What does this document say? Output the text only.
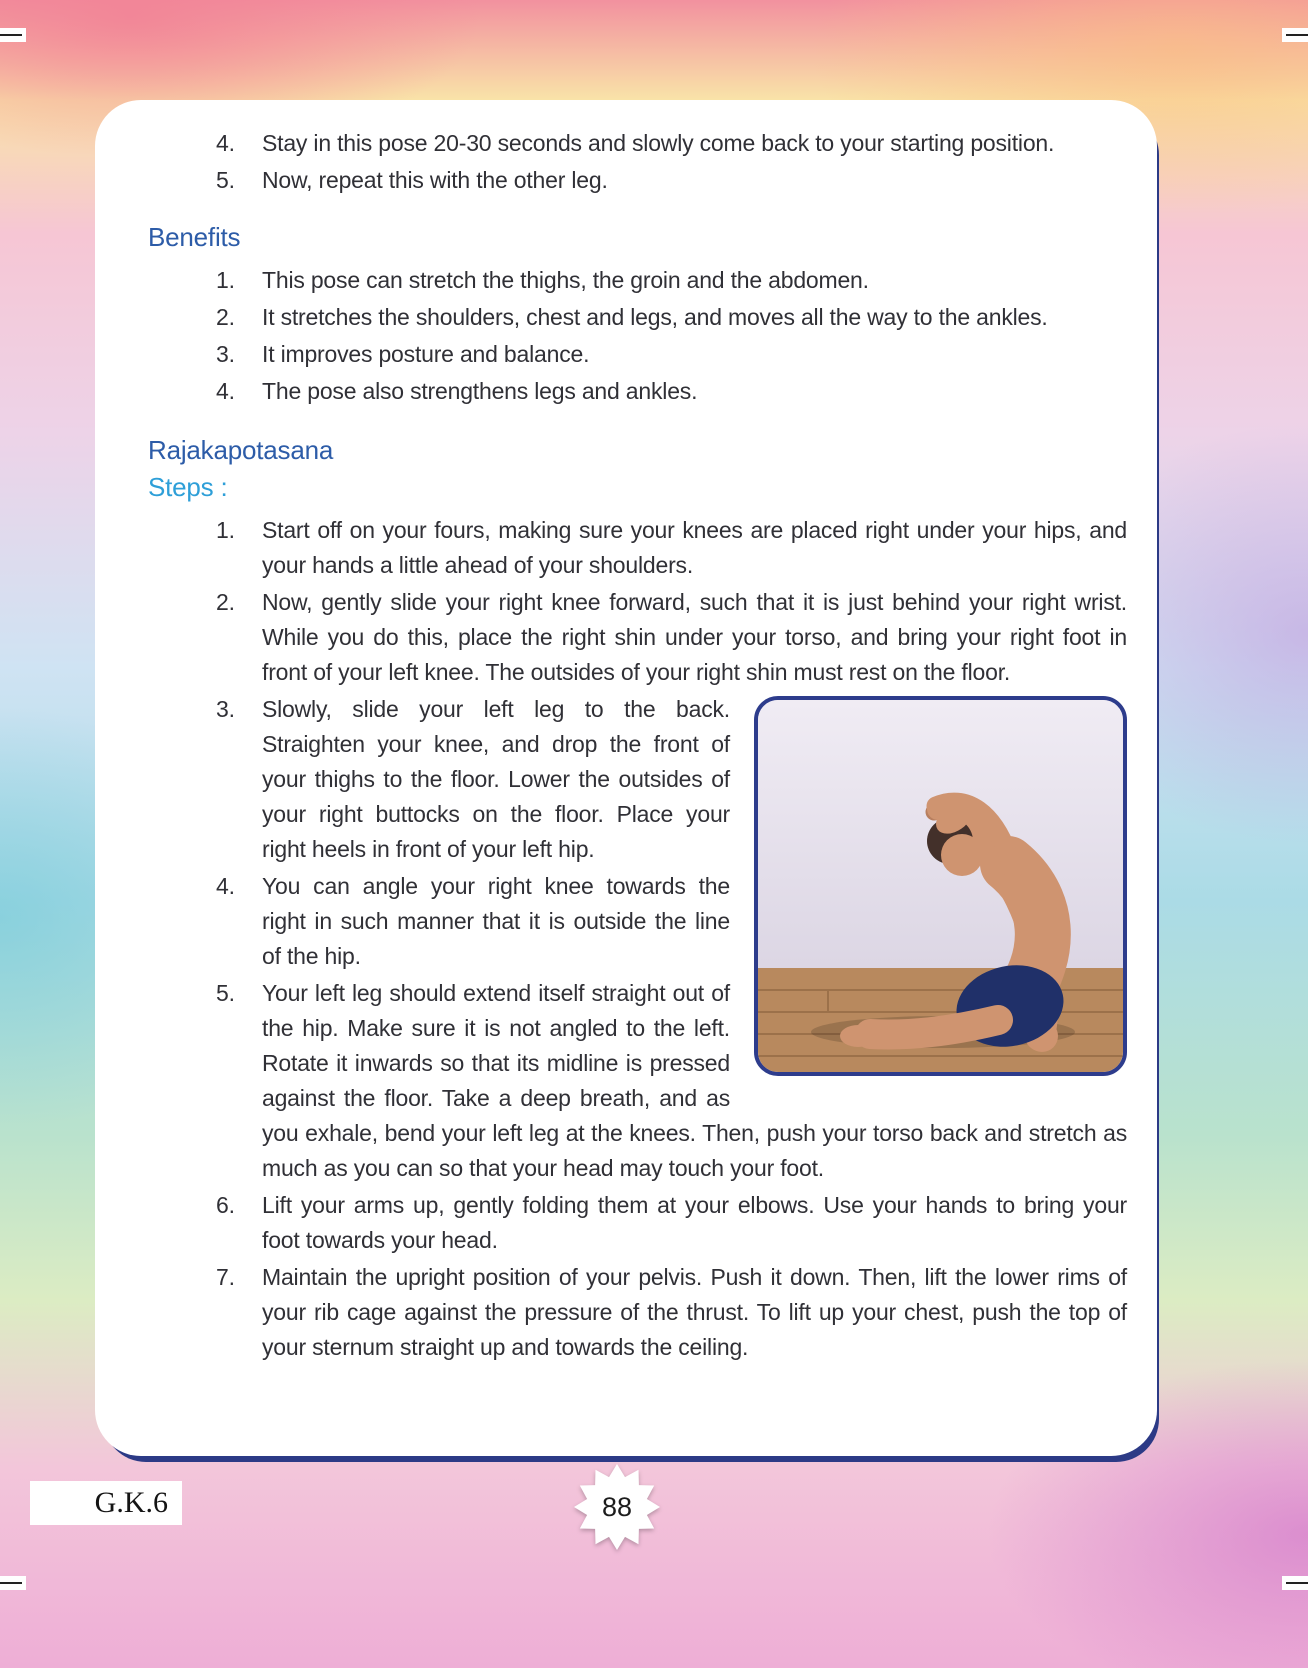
4.	Stay in this pose 20-30 seconds and slowly come back to your starting position.
5.	Now, repeat this with the other leg.
Benefits
1.	This pose can stretch the thighs, the groin and the abdomen.
2.	It stretches the shoulders, chest and legs, and moves all the way to the ankles.
3.	It improves posture and balance.
4.	The pose also strengthens legs and ankles.
Rajakapotasana
Steps :
1.	Start off on your fours, making sure your knees are placed right under your hips, and your hands a little ahead of your shoulders.
2.	Now, gently slide your right knee forward, such that it is just behind your right wrist. While you do this, place the right shin under your torso, and bring your right foot in front of your left knee. The outsides of your right shin must rest on the floor.
3.	Slowly, slide your left leg to the back. Straighten your knee, and drop the front of your thighs to the floor. Lower the outsides of your right buttocks on the floor. Place your right heels in front of your left hip.
4.	You can angle your right knee towards the right in such manner that it is outside the line of the hip.
5.	Your left leg should extend itself straight out of the hip. Make sure it is not angled to the left. Rotate it inwards so that its midline is pressed against the floor. Take a deep breath, and as you exhale, bend your left leg at the knees. Then, push your torso back and stretch as much as you can so that your head may touch your foot.
6.	Lift your arms up, gently folding them at your elbows. Use your hands to bring your foot towards your head.
7.	Maintain the upright position of your pelvis. Push it down. Then, lift the lower rims of your rib cage against the pressure of the thrust. To lift up your chest, push the top of your sternum straight up and towards the ceiling.
G.K.6	88
